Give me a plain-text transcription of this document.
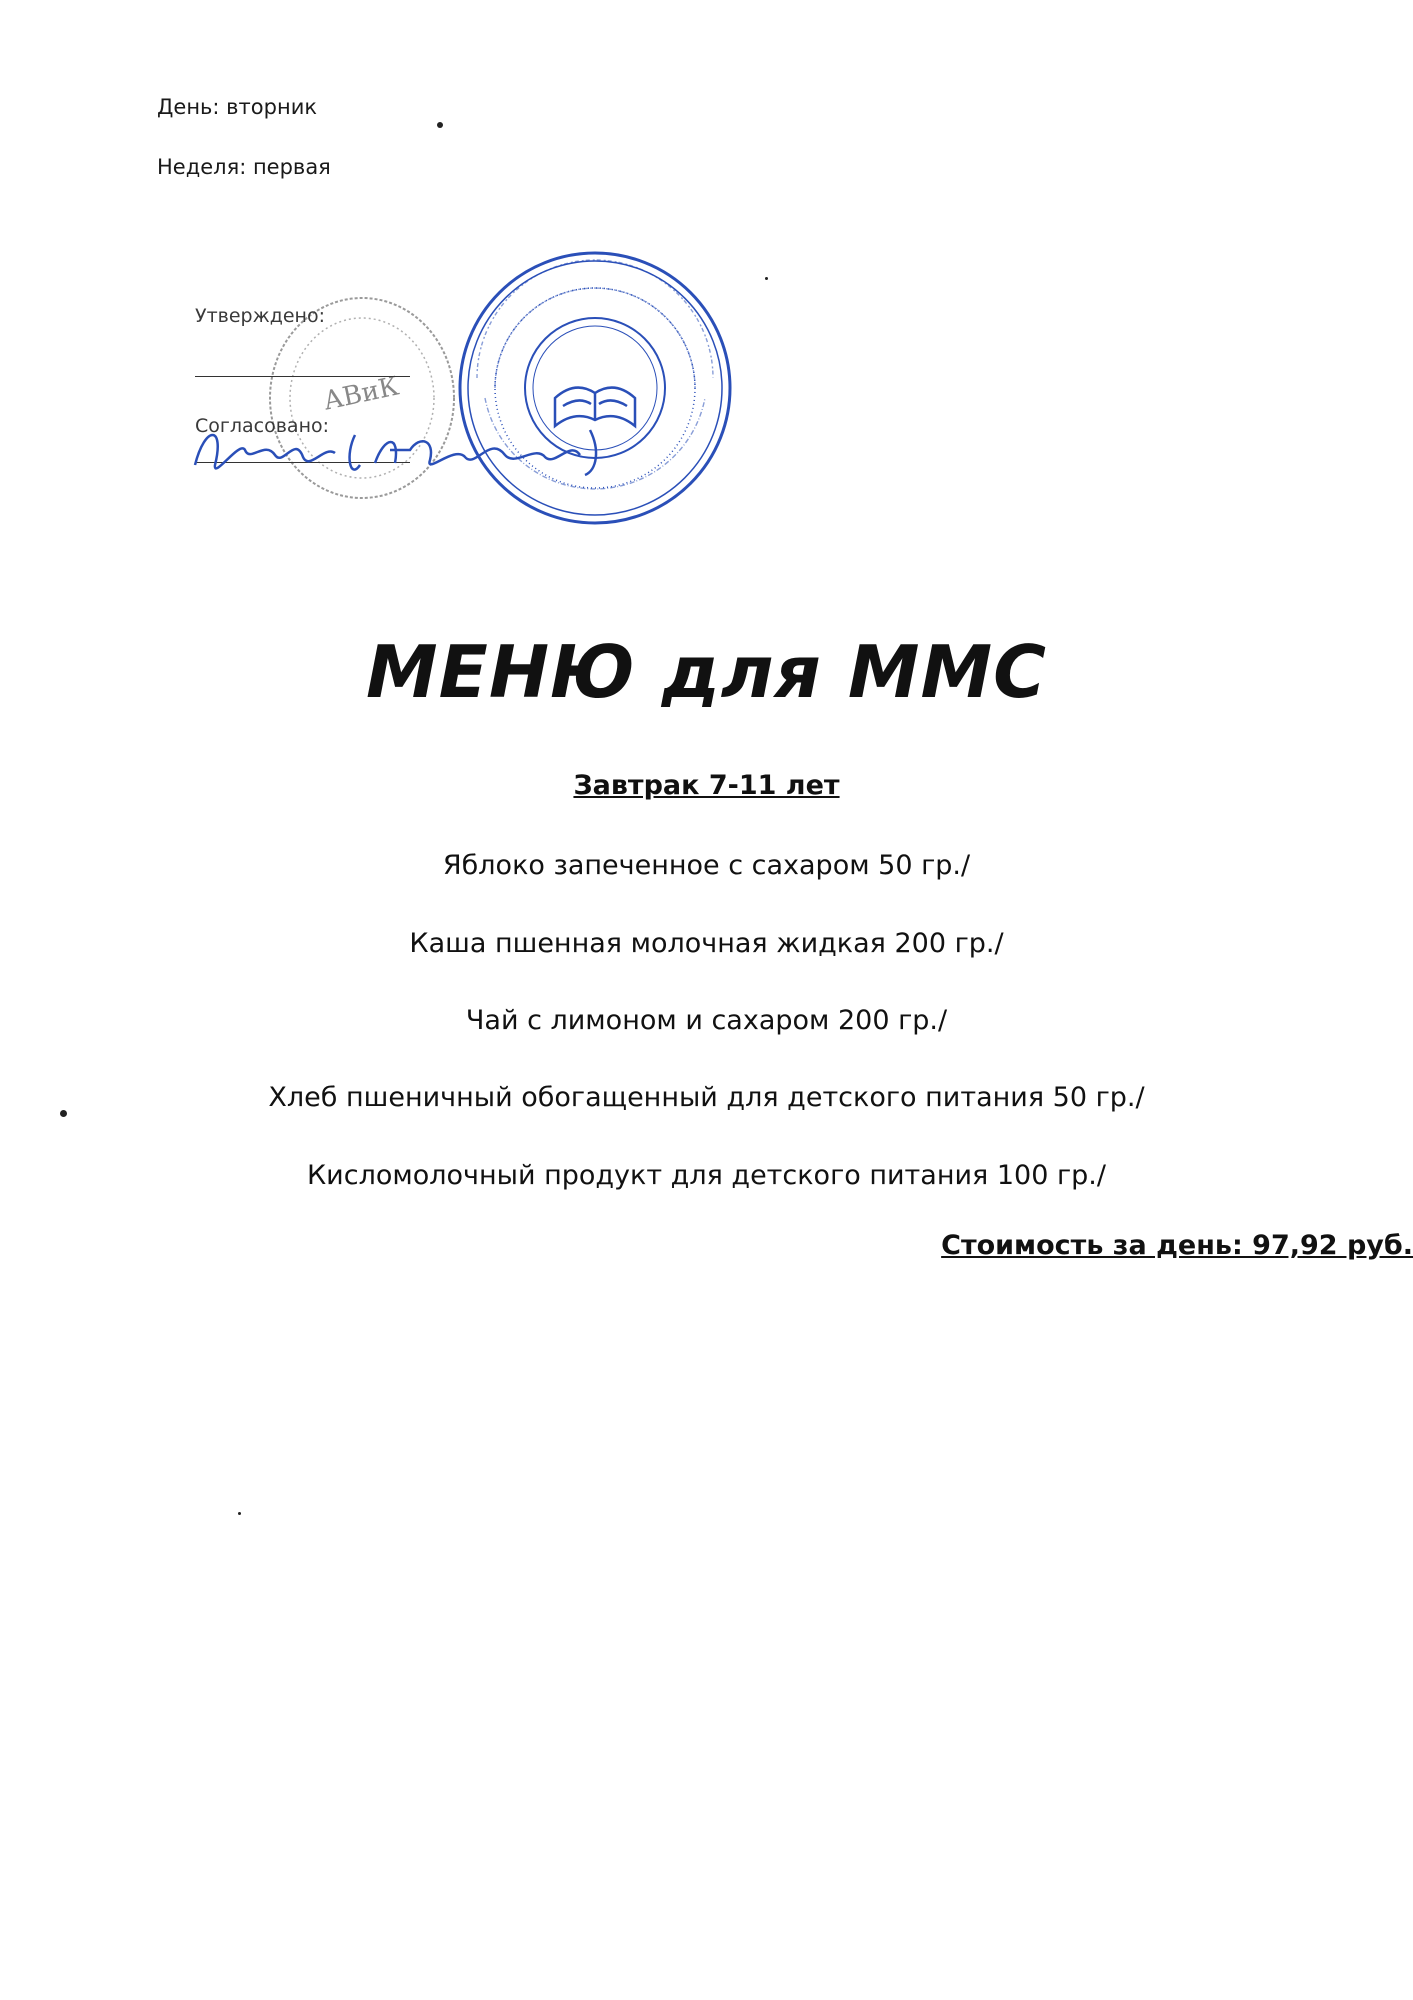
День: вторник
Неделя: первая
АВиК
Утверждено:
Согласовано:
МЕНЮ для ММС
Завтрак 7-11 лет
Яблоко запеченное с сахаром 50 гр./
Каша пшенная молочная жидкая 200 гр./
Чай с лимоном и сахаром 200 гр./
Хлеб пшеничный обогащенный для детского питания 50 гр./
Кисломолочный продукт для детского питания 100 гр./
Стоимость за день: 97,92 руб.
